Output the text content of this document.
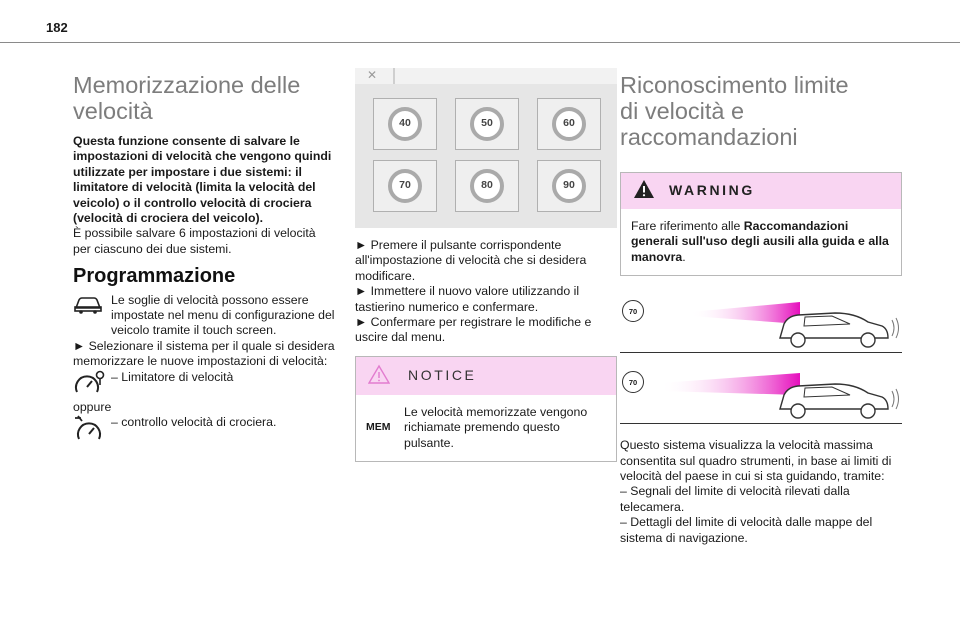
182
Memorizzazione delle velocità

Questa funzione consente di salvare le impostazioni di velocità che vengono quindi utilizzate per impostare i due sistemi: il limitatore di velocità (limita la velocità del veicolo) o il controllo velocità di crociera (velocità di crociera del veicolo).

È possibile salvare 6 impostazioni di velocità per ciascuno dei due sistemi.

Programmazione

Le soglie di velocità possono essere impostate nel menu di configurazione del veicolo tramite il touch screen.

► Selezionare il sistema per il quale si desidera memorizzare le nuove impostazioni di velocità:

– Limitatore di velocità

oppure

– controllo velocità di crociera.

✕
40	50	60
70	80	90

► Premere il pulsante corrispondente all'impostazione di velocità che si desidera modificare.

► Immettere il nuovo valore utilizzando il tastierino numerico e confermare.

► Confermare per registrare le modifiche e uscire dal menu.

NOTICE
MEM

Le velocità memorizzate vengono richiamate premendo questo pulsante.

Riconoscimento limite di velocità e raccomandazioni
WARNING
Fare riferimento alle Raccomandazioni generali sull'uso degli ausili alla guida e alla manovra.
70
70

Questo sistema visualizza la velocità massima consentita sul quadro strumenti, in base ai limiti di velocità del paese in cui si sta guidando, tramite:

– Segnali del limite di velocità rilevati dalla telecamera.

– Dettagli del limite di velocità dalle mappe del sistema di navigazione.
